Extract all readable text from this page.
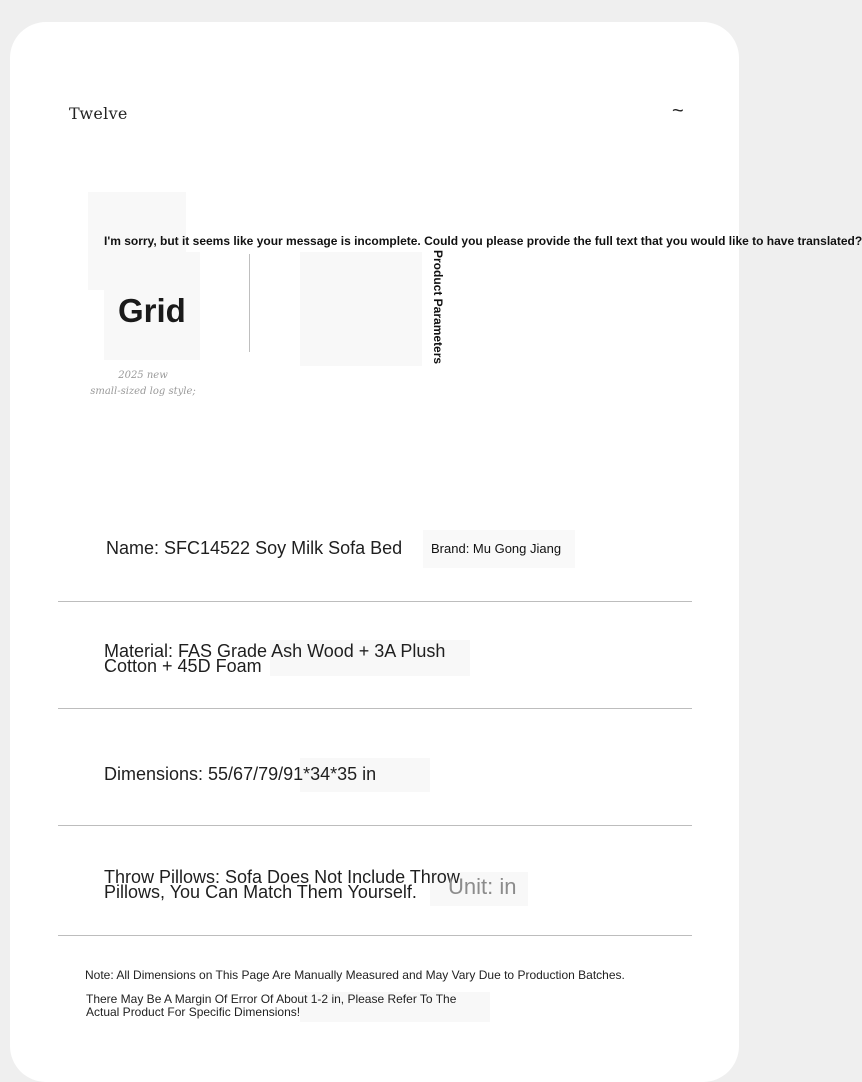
Twelve	~
I'm sorry, but it seems like your message is incomplete. Could you please provide the full text that you would like to have translated?
Grid	Product Parameters
2025 new
small-sized log style;
Name: SFC14522 Soy Milk Sofa Bed	Brand: Mu Gong Jiang
Material: FAS Grade Ash Wood + 3A Plush Cotton + 45D Foam
Dimensions: 55/67/79/91*34*35 in
Throw Pillows: Sofa Does Not Include Throw Pillows, You Can Match Them Yourself.	Unit: in
Note: All Dimensions on This Page Are Manually Measured and May Vary Due to Production Batches.
There May Be A Margin Of Error Of About 1-2 in, Please Refer To The Actual Product For Specific Dimensions!
